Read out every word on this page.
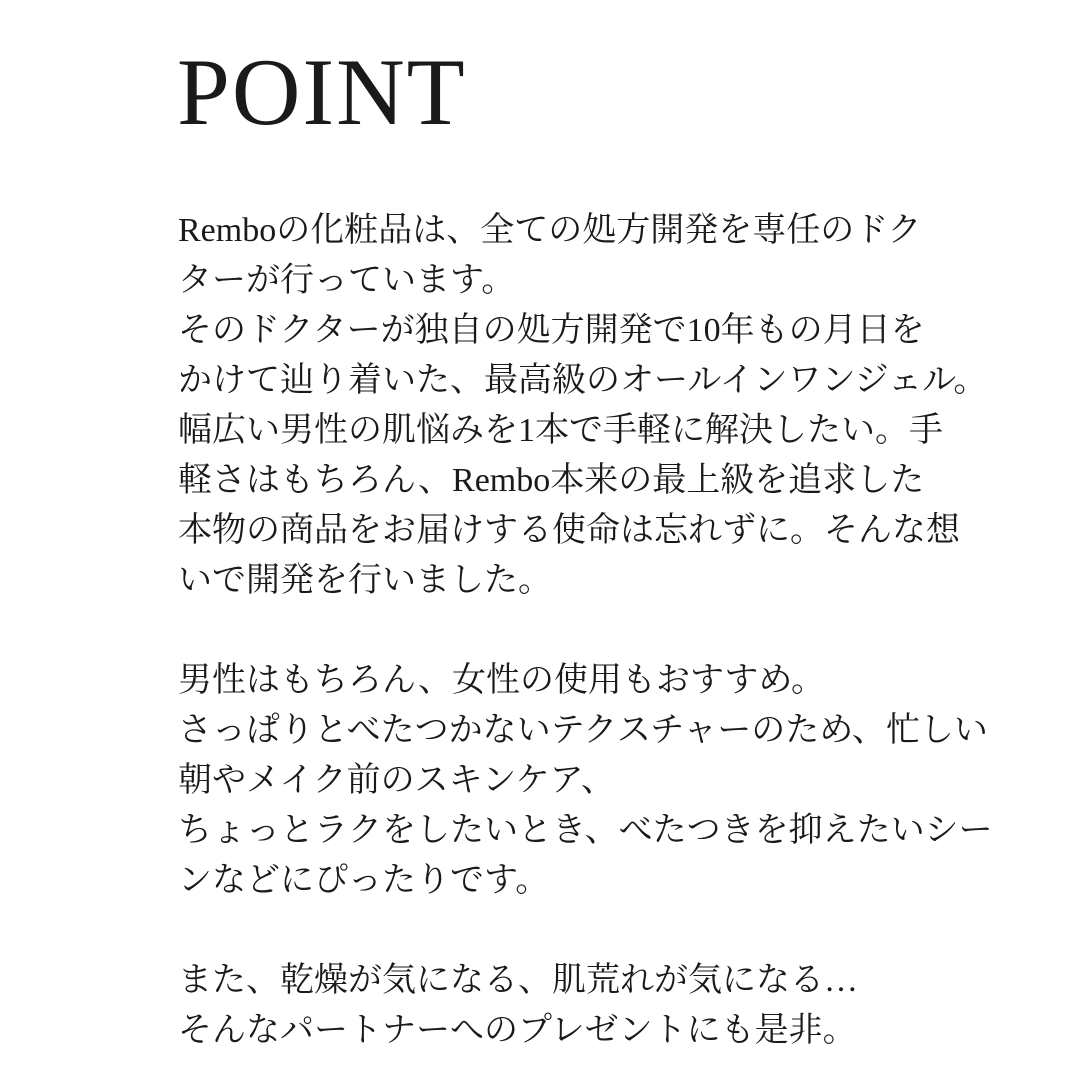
POINT
Remboの化粧品は、全ての処方開発を専任のドク
ターが行っています。
そのドクターが独自の処方開発で10年もの月日を
かけて辿り着いた、最高級のオールインワンジェル。
幅広い男性の肌悩みを1本で手軽に解決したい。手
軽さはもちろん、Rembo本来の最上級を追求した
本物の商品をお届けする使命は忘れずに。そんな想
いで開発を行いました。
男性はもちろん、女性の使用もおすすめ。
さっぱりとべたつかないテクスチャーのため、忙しい
朝やメイク前のスキンケア、
ちょっとラクをしたいとき、べたつきを抑えたいシー
ンなどにぴったりです。
また、乾燥が気になる、肌荒れが気になる…
そんなパートナーへのプレゼントにも是非。
